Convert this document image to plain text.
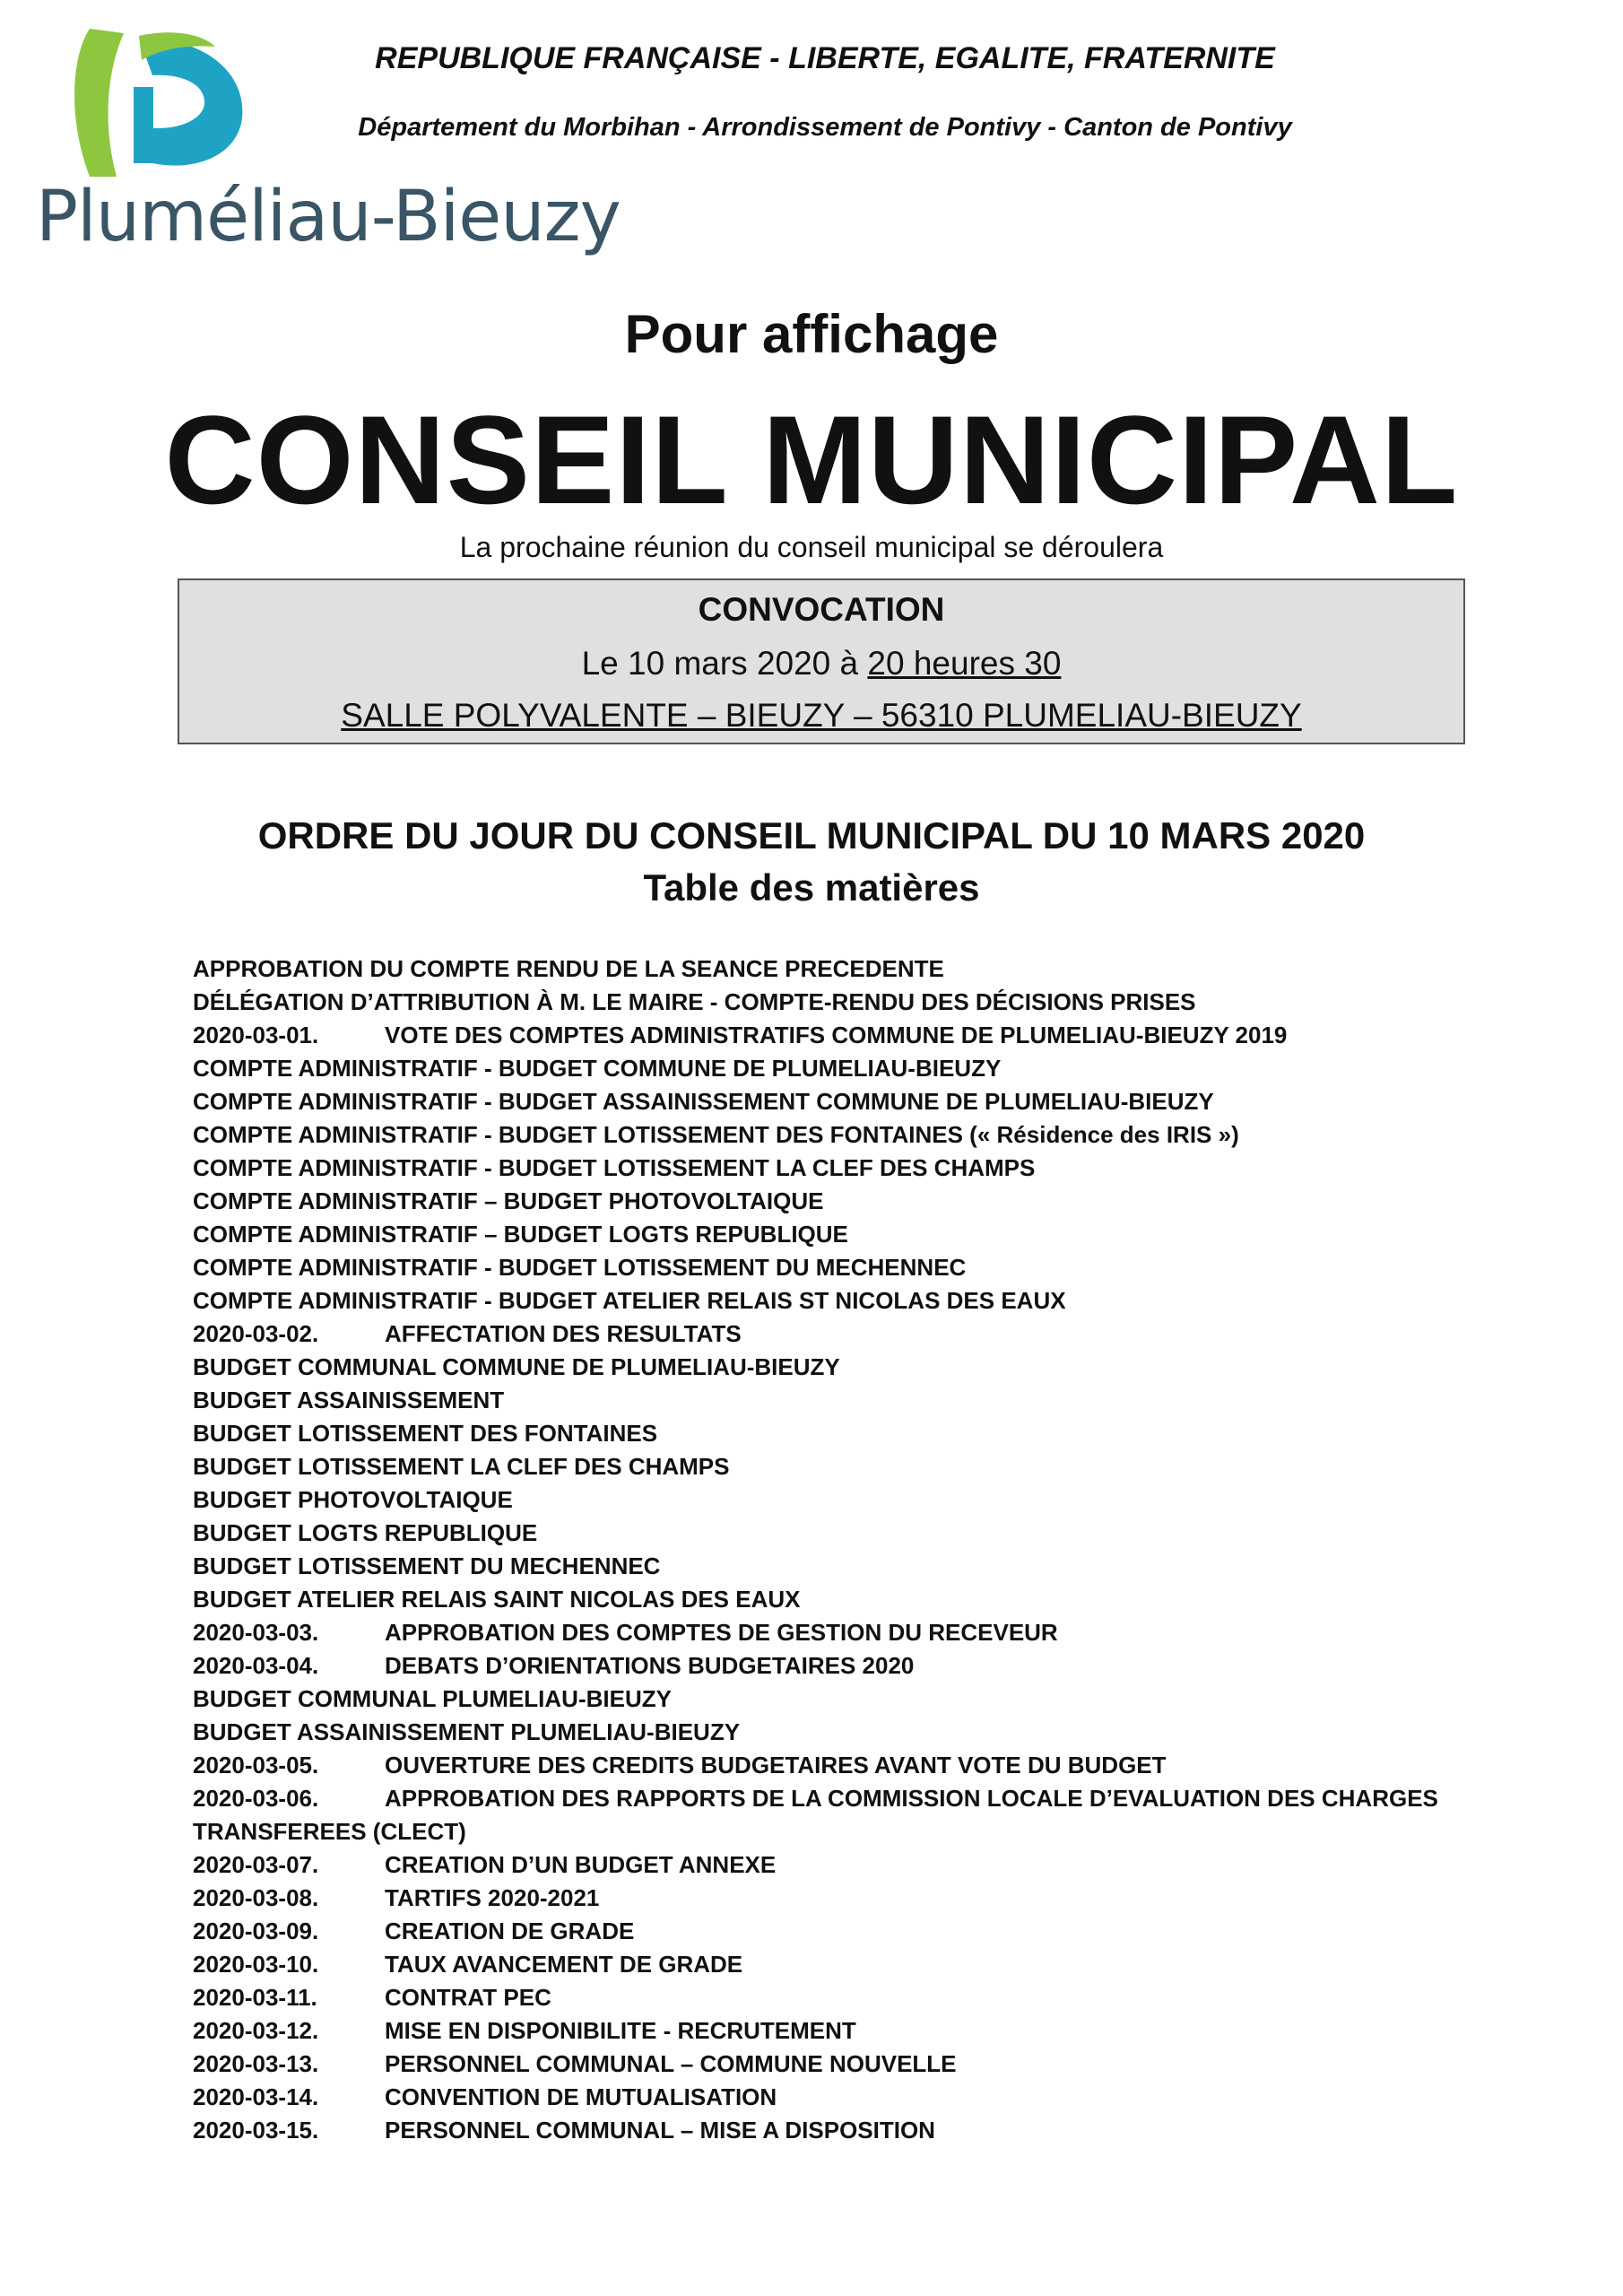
Pluméliau-Bieuzy
REPUBLIQUE FRANÇAISE - LIBERTE, EGALITE, FRATERNITE
Département du Morbihan - Arrondissement de Pontivy - Canton de Pontivy
Pour affichage
CONSEIL MUNICIPAL
La prochaine réunion du conseil municipal se déroulera
CONVOCATION
Le 10 mars 2020 à 20 heures 30
SALLE POLYVALENTE – BIEUZY – 56310 PLUMELIAU-BIEUZY
ORDRE DU JOUR DU CONSEIL MUNICIPAL DU 10 MARS 2020
Table des matières
APPROBATION DU COMPTE RENDU DE LA SEANCE PRECEDENTE
DÉLÉGATION D’ATTRIBUTION À M. LE MAIRE - COMPTE-RENDU DES DÉCISIONS PRISES
2020-03-01.	VOTE DES COMPTES ADMINISTRATIFS COMMUNE DE PLUMELIAU-BIEUZY 2019
COMPTE ADMINISTRATIF - BUDGET COMMUNE DE PLUMELIAU-BIEUZY
COMPTE ADMINISTRATIF - BUDGET ASSAINISSEMENT COMMUNE DE PLUMELIAU-BIEUZY
COMPTE ADMINISTRATIF - BUDGET LOTISSEMENT DES FONTAINES (« Résidence des IRIS »)
COMPTE ADMINISTRATIF - BUDGET LOTISSEMENT LA CLEF DES CHAMPS
COMPTE ADMINISTRATIF – BUDGET PHOTOVOLTAIQUE
COMPTE ADMINISTRATIF – BUDGET LOGTS REPUBLIQUE
COMPTE ADMINISTRATIF - BUDGET LOTISSEMENT DU MECHENNEC
COMPTE ADMINISTRATIF - BUDGET ATELIER RELAIS ST NICOLAS DES EAUX
2020-03-02.	AFFECTATION DES RESULTATS
BUDGET COMMUNAL COMMUNE DE PLUMELIAU-BIEUZY
BUDGET ASSAINISSEMENT
BUDGET LOTISSEMENT DES FONTAINES
BUDGET LOTISSEMENT LA CLEF DES CHAMPS
BUDGET PHOTOVOLTAIQUE
BUDGET LOGTS REPUBLIQUE
BUDGET LOTISSEMENT DU MECHENNEC
BUDGET ATELIER RELAIS SAINT NICOLAS DES EAUX
2020-03-03.	APPROBATION DES COMPTES DE GESTION DU RECEVEUR
2020-03-04.	DEBATS D’ORIENTATIONS BUDGETAIRES 2020
BUDGET COMMUNAL PLUMELIAU-BIEUZY
BUDGET ASSAINISSEMENT PLUMELIAU-BIEUZY
2020-03-05.	OUVERTURE DES CREDITS BUDGETAIRES AVANT VOTE DU BUDGET
2020-03-06.	APPROBATION DES RAPPORTS DE LA COMMISSION LOCALE D’EVALUATION DES CHARGES TRANSFEREES (CLECT)
2020-03-07.	CREATION D’UN BUDGET ANNEXE
2020-03-08.	TARTIFS 2020-2021
2020-03-09.	CREATION DE GRADE
2020-03-10.	TAUX AVANCEMENT DE GRADE
2020-03-11.	CONTRAT PEC
2020-03-12.	MISE EN DISPONIBILITE - RECRUTEMENT
2020-03-13.	PERSONNEL COMMUNAL – COMMUNE NOUVELLE
2020-03-14.	CONVENTION DE MUTUALISATION
2020-03-15.	PERSONNEL COMMUNAL – MISE A DISPOSITION
